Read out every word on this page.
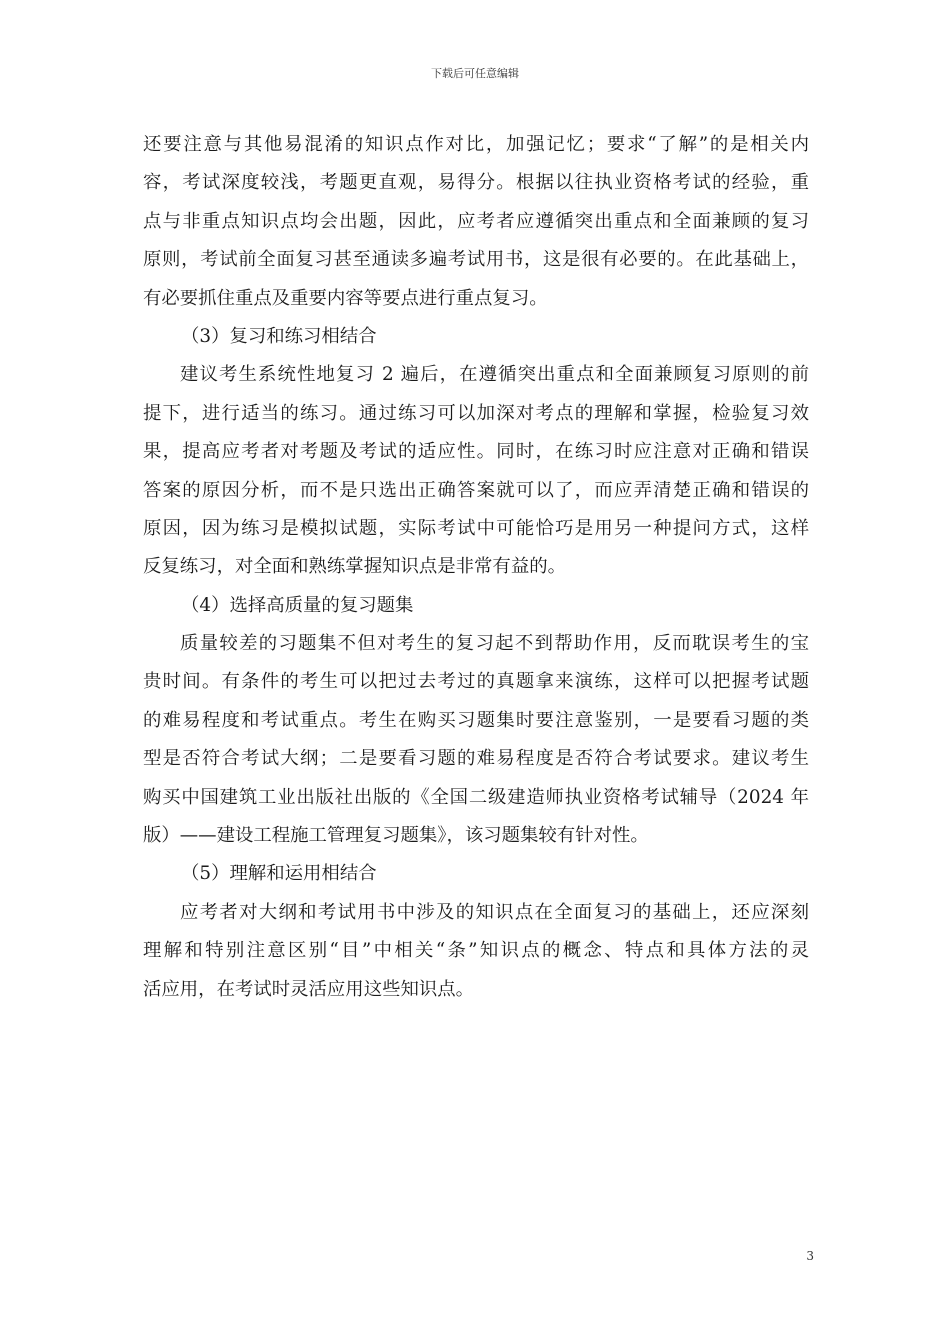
下载后可任意编辑
还要注意与其他易混淆的知识点作对比，加强记忆；要求“了解”的是相关内
容，考试深度较浅，考题更直观，易得分。根据以往执业资格考试的经验，重
点与非重点知识点均会出题，因此，应考者应遵循突出重点和全面兼顾的复习
原则，考试前全面复习甚至通读多遍考试用书，这是很有必要的。在此基础上，
有必要抓住重点及重要内容等要点进行重点复习。
（3）复习和练习相结合
建议考生系统性地复习 2 遍后，在遵循突出重点和全面兼顾复习原则的前
提下，进行适当的练习。通过练习可以加深对考点的理解和掌握，检验复习效
果，提高应考者对考题及考试的适应性。同时，在练习时应注意对正确和错误
答案的原因分析，而不是只选出正确答案就可以了，而应弄清楚正确和错误的
原因，因为练习是模拟试题，实际考试中可能恰巧是用另一种提问方式，这样
反复练习，对全面和熟练掌握知识点是非常有益的。
（4）选择高质量的复习题集
质量较差的习题集不但对考生的复习起不到帮助作用，反而耽误考生的宝
贵时间。有条件的考生可以把过去考过的真题拿来演练，这样可以把握考试题
的难易程度和考试重点。考生在购买习题集时要注意鉴别，一是要看习题的类
型是否符合考试大纲；二是要看习题的难易程度是否符合考试要求。建议考生
购买中国建筑工业出版社出版的《全国二级建造师执业资格考试辅导（2024 年
版）——建设工程施工管理复习题集》，该习题集较有针对性。
（5）理解和运用相结合
应考者对大纲和考试用书中涉及的知识点在全面复习的基础上，还应深刻
理解和特别注意区别“目”中相关“条”知识点的概念、特点和具体方法的灵
活应用，在考试时灵活应用这些知识点。
3
